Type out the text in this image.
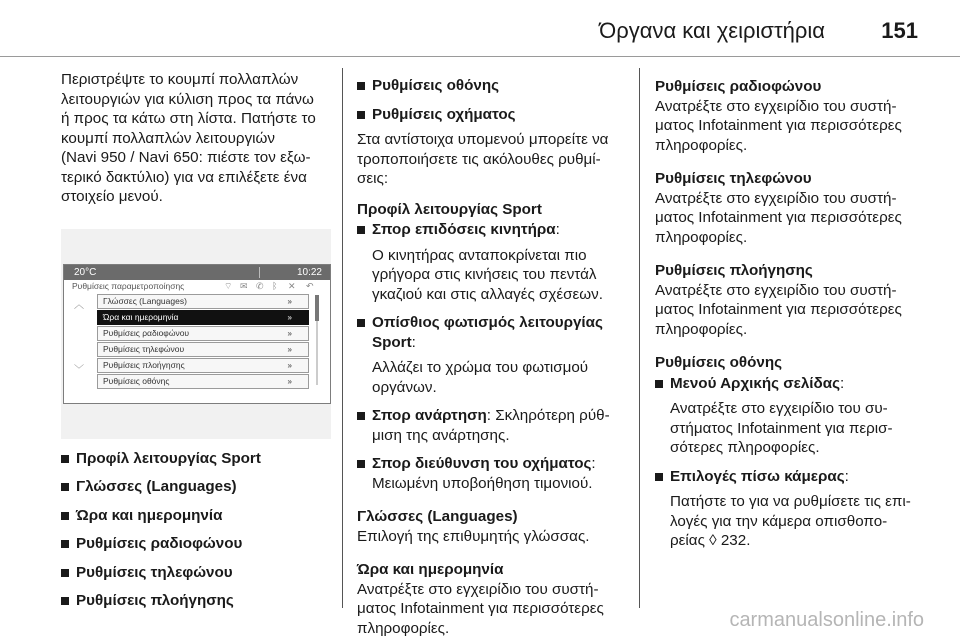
Όργανα και χειριστήρια	151

Περιστρέψτε το κουμπί πολλαπλών
λειτουργιών για κύλιση προς τα πάνω
ή προς τα κάτω στη λίστα. Πατήστε το
κουμπί πολλαπλών λειτουργιών
(Navi 950 / Navi 650: πιέστε τον εξω-
τερικό δακτύλιο) για να επιλέξετε ένα
στοιχείο μενού.

20°C	10:22
Ρυθμίσεις παραμετροποίησης	⌔ ✉ ✆ ᛒ ✕ ↶
︿
﹀
Γλώσσες (Languages)	»
Ώρα και ημερομηνία	»
Ρυθμίσεις ραδιοφώνου	»
Ρυθμίσεις τηλεφώνου	»
Ρυθμίσεις πλοήγησης	»
Ρυθμίσεις οθόνης	»

Προφίλ λειτουργίας Sport

Γλώσσες (Languages)

Ώρα και ημερομηνία

Ρυθμίσεις ραδιοφώνου

Ρυθμίσεις τηλεφώνου

Ρυθμίσεις πλοήγησης

Ρυθμίσεις οθόνης

Ρυθμίσεις οχήματος

Στα αντίστοιχα υπομενού μπορείτε να
τροποποιήσετε τις ακόλουθες ρυθμί-
σεις:

Προφίλ λειτουργίας Sport

Σπορ επιδόσεις κινητήρα:

Ο κινητήρας ανταποκρίνεται πιο
γρήγορα στις κινήσεις του πεντάλ
γκαζιού και στις αλλαγές σχέσεων.

Οπίσθιος φωτισμός λειτουργίας Sport:

Αλλάζει το χρώμα του φωτισμού
οργάνων.

Σπορ ανάρτηση: Σκληρότερη ρύθ-
μιση της ανάρτησης.

Σπορ διεύθυνση του οχήματος:
Μειωμένη υποβοήθηση τιμονιού.

Γλώσσες (Languages)

Επιλογή της επιθυμητής γλώσσας.

Ώρα και ημερομηνία

Ανατρέξτε στο εγχειρίδιο του συστή-
ματος Infotainment για περισσότερες
πληροφορίες.

Ρυθμίσεις ραδιοφώνου

Ανατρέξτε στο εγχειρίδιο του συστή-
ματος Infotainment για περισσότερες
πληροφορίες.

Ρυθμίσεις τηλεφώνου

Ανατρέξτε στο εγχειρίδιο του συστή-
ματος Infotainment για περισσότερες
πληροφορίες.

Ρυθμίσεις πλοήγησης

Ανατρέξτε στο εγχειρίδιο του συστή-
ματος Infotainment για περισσότερες
πληροφορίες.

Ρυθμίσεις οθόνης

Μενού Αρχικής σελίδας:

Ανατρέξτε στο εγχειρίδιο του συ-
στήματος Infotainment για περισ-
σότερες πληροφορίες.

Επιλογές πίσω κάμερας:

Πατήστε το για να ρυθμίσετε τις επι-
λογές για την κάμερα οπισθοπο-
ρείας ◊ 232.

carmanualsonline.info
